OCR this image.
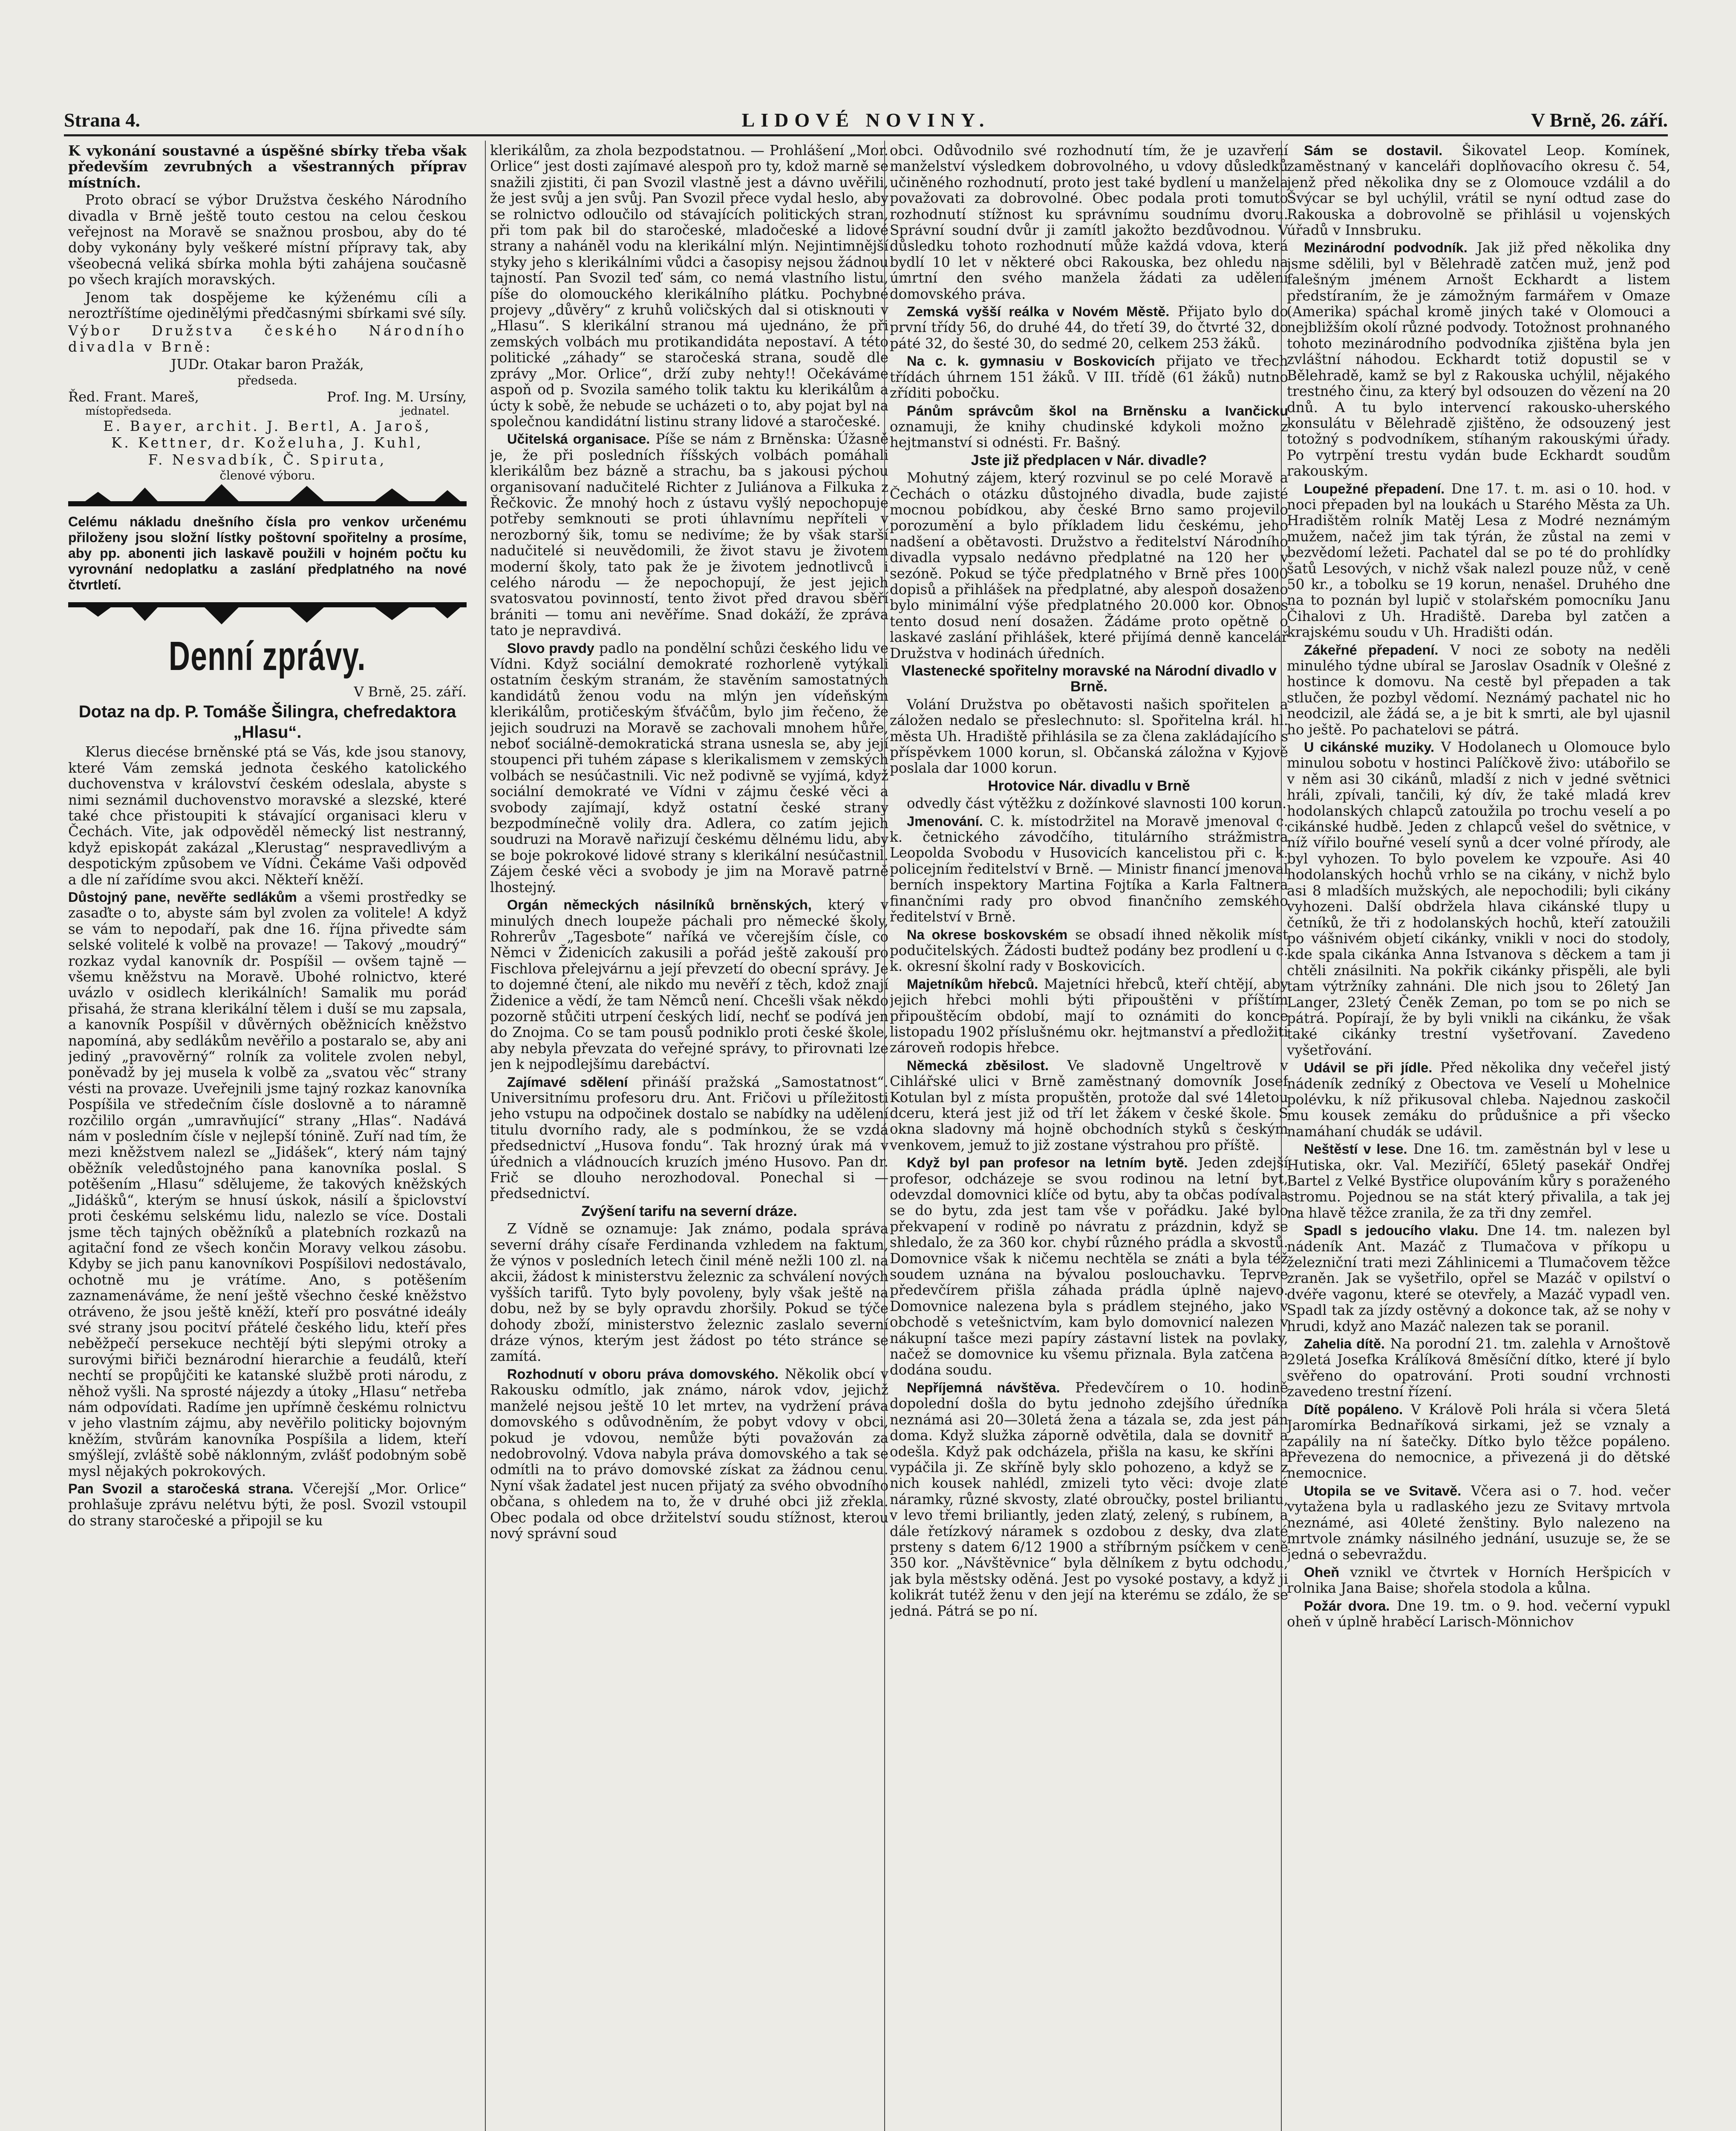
Strana 4.	LIDOVÉ NOVINY.	V Brně, 26. září.

K vykonání soustavné a úspěšné sbírky třeba však především zevrubných a všestranných příprav místních.

Proto obrací se výbor Družstva českého Národního divadla v Brně ještě touto cestou na celou českou veřejnost na Moravě se snažnou prosbou, aby do té doby vykonány byly veškeré místní přípravy tak, aby všeobecná veliká sbírka mohla býti zahájena současně po všech krajích moravských.

Jenom tak dospějeme ke kýženému cíli a neroztříštíme ojedinělými předčasnými sbírkami své síly.

Výbor Družstva českého Národního divadla v Brně:

JUDr. Otakar baron Pražák,

předseda.

Řed. Frant. Mareš,	Prof. Ing. M. Ursíny,
místopředseda.	jednatel.

E. Bayer, archit. J. Bertl, A. Jaroš,

K. Kettner, dr. Koželuha, J. Kuhl,

F. Nesvadbík, Č. Spiruta,

členové výboru.

Celému nákladu dnešního čísla pro venkov určenému přiloženy jsou složní lístky poštovní spořitelny a prosíme, aby pp. abonenti jich laskavě použili v hojném počtu ku vyrovnání nedoplatku a zaslání předplatného na nové čtvrtletí.

Denní zprávy.

V Brně, 25. září.

Dotaz na dp. P. Tomáše Šilingra, chefredaktora „Hlasu“.

Klerus diecése brněnské ptá se Vás, kde jsou stanovy, které Vám zemská jednota českého katolického duchovenstva v království českém odeslala, abyste s nimi seznámil duchovenstvo moravské a slezské, které také chce přistoupiti k stávající organisaci kleru v Čechách. Vite, jak odpověděl německý list nestranný, když episkopát zakázal „Klerustag“ nespravedlivým a despotickým způsobem ve Vídni. Čekáme Vaši odpověď a dle ní zařídíme svou akci. Někteří kněží.

Důstojný pane, nevěřte sedlákům a všemi prostředky se zasaďte o to, abyste sám byl zvolen za volitele! A když se vám to nepodaří, pak dne 16. října přivedte sám selské volitelé k volbě na provaze! — Takový „moudrý“ rozkaz vydal kanovník dr. Pospíšil — ovšem tajně — všemu kněžstvu na Moravě. Ubohé rolnictvo, které uvázlo v osidlech klerikálních! Samalik mu poráď přisahá, že strana klerikální tělem i duší se mu zapsala, a kanovník Pospíšil v důvěrných oběžnicích kněžstvo napomíná, aby sedlákům nevěřilo a postaralo se, aby ani jediný „pravověrný“ rolník za volitele zvolen nebyl, poněvadž by jej musela k volbě za „svatou věc“ strany vésti na provaze. Uveřejnili jsme tajný rozkaz kanovníka Pospíšila ve středečním čísle doslovně a to náramně rozčililo orgán „umravňující“ strany „Hlas“. Nadává nám v posledním čísle v nejlepší tónině. Zuří nad tím, že mezi kněžstvem nalezl se „Jidášek“, který nám tajný oběžník veledůstojného pana kanovníka poslal. S potěšením „Hlasu“ sdělujeme, že takových kněžských „Jidášků“, kterým se hnusí úskok, násilí a špiclovství proti českému selskému lidu, nalezlo se více. Dostali jsme těch tajných oběžníků a platebních rozkazů na agitační fond ze všech končin Moravy velkou zásobu. Kdyby se jich panu kanovníkovi Pospíšilovi nedostávalo, ochotně mu je vrátíme. Ano, s potěšením zaznamenáváme, že není ještě všechno české kněžstvo otráveno, že jsou ještě kněží, kteří pro posvátné ideály své strany jsou pocitví přátelé českého lidu, kteří přes neběžpečí persekuce nechtějí býti slepými otroky a surovými biřiči beznárodní hierarchie a feudálů, kteří nechtí se propůjčiti ke katanské službě proti národu, z něhož vyšli. Na sprosté nájezdy a útoky „Hlasu“ netřeba nám odpovídati. Radíme jen upřímně českému rolnictvu v jeho vlastním zájmu, aby nevěřilo politicky bojovným kněžím, stvůrám kanovníka Pospíšila a lidem, kteří smýšlejí, zvláště sobě náklonným, zvlášť podobným sobě mysl nějakých pokrokových.

Pan Svozil a staročeská strana. Včerejší „Mor. Orlice“ prohlašuje zprávu nelétvu býti, že posl. Svozil vstoupil do strany staročeské a připojil se ku

klerikálům, za zhola bezpodstatnou. — Prohlášení „Mor. Orlice“ jest dosti zajímavé alespoň pro ty, kdož marně se snažili zjistiti, či pan Svozil vlastně jest a dávno uvěřili, že jest svůj a jen svůj. Pan Svozil přece vydal heslo, aby se rolnictvo odloučilo od stávajících politických stran, při tom pak bil do staročeské, mladočeské a lidové strany a naháněl vodu na klerikální mlýn. Nejintimnější styky jeho s klerikálními vůdci a časopisy nejsou žádnou tajností. Pan Svozil teď sám, co nemá vlastního listu, píše do olomouckého klerikálního plátku. Pochybné projevy „důvěry“ z kruhů voličských dal si otisknouti v „Hlasu“. S klerikální stranou má ujednáno, že při zemských volbách mu protikandidáta nepostaví. A této politické „záhady“ se staročeská strana, soudě dle zprávy „Mor. Orlice“, drží zuby nehty!! Očekáváme aspoň od p. Svozila samého tolik taktu ku klerikálům a úcty k sobě, že nebude se ucházeti o to, aby pojat byl na společnou kandidátní listinu strany lidové a staročeské.

Učitelská organisace. Píše se nám z Brněnska: Úžasně je, že při posledních říšských volbách pomáhali klerikálům bez bázně a strachu, ba s jakousi pýchou organisovaní nadučitelé Richter z Juliánova a Filkuka z Řečkovic. Že mnohý hoch z ústavu vyšlý nepochopuje potřeby semknouti se proti úhlavnímu nepříteli v nerozborný šik, tomu se nedivíme; že by však starší nadučitelé si neuvědomili, že život stavu je životem moderní školy, tato pak že je životem jednotlivců i celého národu — že nepochopují, že jest jejich svatosvatou povinností, tento život před dravou sběří brániti — tomu ani nevěříme. Snad dokáží, že zpráva tato je nepravdivá.

Slovo pravdy padlo na pondělní schůzi českého lidu ve Vídni. Když sociální demokraté rozhorleně vytýkali ostatním českým stranám, že stavěním samostatných kandidátů ženou vodu na mlýn jen vídeňským klerikálům, protičeským šťváčům, bylo jim řečeno, že jejich soudruzi na Moravě se zachovali mnohem hůře, neboť sociálně-demokratická strana usnesla se, aby její stoupenci při tuhém zápase s klerikalismem v zemských volbách se nesúčastnili. Vic než podivně se vyjímá, když sociální demokraté ve Vídni v zájmu české věci a svobody zajímají, když ostatní české strany bezpodmínečně volily dra. Adlera, co zatím jejich soudruzi na Moravě nařizují českému dělnému lidu, aby se boje pokrokové lidové strany s klerikální nesúčastnil. Zájem české věci a svobody je jim na Moravě patrně lhostejný.

Orgán německých násilníků brněnských, který v minulých dnech loupeže páchali pro německé školy, Rohrerův „Tagesbote“ naříká ve včerejším čísle, co Němci v Židenicích zakusili a pořád ještě zakouší pro Fischlova přelejvárnu a její převzetí do obecní správy. Je to dojemné čtení, ale nikdo mu nevěří z těch, kdož znají Židenice a vědí, že tam Němců není. Chcešli však někdo pozorně stůčiti utrpení českých lidí, nechť se podívá jen do Znojma. Co se tam pousů podniklo proti české škole, aby nebyla převzata do veřejné správy, to přirovnati lze jen k nejpodlejšímu darebáctví.

Zajímavé sdělení přináší pražská „Samostatnost“. Universitnímu profesoru dru. Ant. Fričovi u příležitosti jeho vstupu na odpočinek dostalo se nabídky na udělení titulu dvorního rady, ale s podmínkou, že se vzdá předsednictví „Husova fondu“. Tak hrozný úrak má v úřednich a vládnoucích kruzích jméno Husovo. Pan dr. Frič se dlouho nerozhodoval. Ponechal si — předsednictví.

Zvýšení tarifu na severní dráze.

Z Vídně se oznamuje: Jak známo, podala správa severní dráhy císaře Ferdinanda vzhledem na faktum, že výnos v posledních letech činil méně nežli 100 zl. na akcii, žádost k ministerstvu železnic za schválení nových vyšších tarifů. Tyto byly povoleny, byly však ještě na dobu, než by se byly opravdu zhoršily. Pokud se týče dohody zboží, ministerstvo železnic zaslalo severní dráze výnos, kterým jest žádost po této stránce se zamítá.

Rozhodnutí v oboru práva domovského. Několik obcí v Rakousku odmítlo, jak známo, nárok vdov, jejichž manželé nejsou ještě 10 let mrtev, na vydržení práva domovského s odůvodněním, že pobyt vdovy v obci, pokud je vdovou, nemůže býti považován za nedobrovolný. Vdova nabyla práva domovského a tak se odmítli na to právo domovské získat za žádnou cenu. Nyní však žadatel jest nucen přijatý za svého obvodního občana, s ohledem na to, že v druhé obci již zřekla. Obec podala od obce držitelství soudu stížnost, kterou nový správní soud

obci. Odůvodnilo své rozhodnutí tím, že je uzavření manželství výsledkem dobrovolného, u vdovy důsledků učiněného rozhodnutí, proto jest také bydlení u manžela považovati za dobrovolné. Obec podala proti tomuto rozhodnutí stížnost ku správnímu soudnímu dvoru. Správní soudní dvůr ji zamítl jakožto bezdůvodnou. V důsledku tohoto rozhodnutí může každá vdova, která bydlí 10 let v některé obci Rakouska, bez ohledu na úmrtní den svého manžela žádati za udělení domovského práva.

Zemská vyšší reálka v Novém Městě. Přijato bylo do první třídy 56, do druhé 44, do třetí 39, do čtvrté 32, do páté 32, do šesté 30, do sedmé 20, celkem 253 žáků.

Na c. k. gymnasiu v Boskovicích přijato ve třech třídách úhrnem 151 žáků. V III. třídě (61 žáků) nutno zříditi pobočku.

Pánům správcům škol na Brněnsku a Ivančicku oznamuji, že knihy chudinské kdykoli možno z hejtmanství si odnésti. Fr. Bašný.

Jste již předplacen v Nár. divadle?

Mohutný zájem, který rozvinul se po celé Moravě a Čechách o otázku důstojného divadla, bude zajisté mocnou pobídkou, aby české Brno samo projevilo porozumění a bylo příkladem lidu českému, jeho nadšení a obětavosti. Družstvo a ředitelství Národního divadla vypsalo nedávno předplatné na 120 her v sezóně. Pokud se týče předplatného v Brně přes 1000 dopisů a přihlášek na předplatné, aby alespoň dosaženo bylo minimální výše předplatného 20.000 kor. Obnos tento dosud není dosažen. Žádáme proto opětně o laskavé zaslání přihlášek, které přijímá denně kancelář Družstva v hodinách úředních.

Vlastenecké spořitelny moravské na Národní divadlo v Brně.

Volání Družstva po obětavosti našich spořitelen a záložen nedalo se přeslechnuto: sl. Spořitelna král. hl. města Uh. Hradiště přihlásila se za člena zakládajícího s příspěvkem 1000 korun, sl. Občanská záložna v Kyjově poslala dar 1000 korun.

Hrotovice Nár. divadlu v Brně

odvedly část výtěžku z dožínkové slavnosti 100 korun.

Jmenování. C. k. místodržitel na Moravě jmenoval c. k. četnického závodčího, titulárního strážmistra Leopolda Svobodu v Husovicích kancelistou při c. k. policejním ředitelství v Brně. — Ministr financí jmenoval berních inspektory Martina Fojtíka a Karla Faltnera finančními rady pro obvod finančního zemského ředitelství v Brně.

Na okrese boskovském se obsadí ihned několik míst podučitelských. Žádosti budtež podány bez prodlení u c. k. okresní školní rady v Boskovicích.

Majetníkům hřebců. Majetníci hřebců, kteří chtějí, aby jejich hřebci mohli býti připouštěni v příštím připouštěcím období, mají to oznámiti do konce listopadu 1902 příslušnému okr. hejtmanství a předložiti zároveň rodopis hřebce.

Německá zběsilost. Ve sladovně Ungeltrově v Cihlářské ulici v Brně zaměstnaný domovník Josef Kotulan byl z místa propuštěn, protože dal své 14letou dceru, která jest již od tří let žákem v české škole. S okna sladovny má hojně obchodních styků s českým venkovem, jemuž to již zostane výstrahou pro příště.

Když byl pan profesor na letním bytě. Jeden zdejší profesor, odcházeje se svou rodinou na letní byt, odevzdal domovnici klíče od bytu, aby ta občas podívala se do bytu, zda jest tam vše v pořádku. Jaké bylo překvapení v rodině po návratu z prázdnin, když se shledalo, že za 360 kor. chybí různého prádla a skvostů. Domovnice však k ničemu nechtěla se znáti a byla též soudem uznána na bývalou poslouchavku. Teprve předevčírem přišla záhada prádla úplně najevo. Domovnice nalezena byla s prádlem stejného, jako v obchodě s vetešnictvím, kam bylo domovnicí nalezen v nákupní tašce mezi papíry zástavní listek na povlaky, načež se domovnice ku všemu přiznala. Byla zatčena a dodána soudu.

Nepříjemná návštěva. Předevčírem o 10. hodině dopolední došla do bytu jednoho zdejšího úředníka neznámá asi 20—30letá žena a tázala se, zda jest pán doma. Když služka záporně odvětila, dala se dovnitř a odešla. Když pak odcházela, přišla na kasu, ke skříni a vypáčila ji. Ze skříně byly sklo pohozeno, a když se z nich kousek nahlédl, zmizeli tyto věci: dvoje zlaté náramky, různé skvosty, zlaté obroučky, postel briliantu, v levo třemi briliantly, jeden zlatý, zelený, s rubínem, a dále řetízkový náramek s ozdobou z desky, dva zlaté prsteny s datem 6/12 1900 a stříbrným psíčkem v ceně 350 kor. „Návštěvnice“ byla dělníkem z bytu odchodu, jak byla městsky oděná. Jest po vysoké postavy, a když ji kolikrát tutéž ženu v den její na kterému se zdálo, že se jedná. Pátrá se po ní.

Sám se dostavil. Šikovatel Leop. Komínek, zaměstnaný v kanceláři doplňovacího okresu č. 54, jenž před několika dny se z Olomouce vzdálil a do Švýcar se byl uchýlil, vrátil se nyní odtud zase do Rakouska a dobrovolně se přihlásil u vojenských úřadů v Innsbruku.

Mezinárodní podvodník. Jak již před několika dny jsme sdělili, byl v Bělehradě zatčen muž, jenž pod falešným jménem Arnošt Eckhardt a listem předstíraním, že je zámožným farmářem v Omaze (Amerika) spáchal kromě jiných také v Olomouci a nejbližším okolí různé podvody. Totožnost prohnaného tohoto mezinárodního podvodníka zjištěna byla jen zvláštní náhodou. Eckhardt totiž dopustil se v Bělehradě, kamž se byl z Rakouska uchýlil, nějakého trestného činu, za který byl odsouzen do vězení na 20 dnů. A tu bylo intervencí rakousko-uherského konsulátu v Bělehradě zjištěno, že odsouzený jest totožný s podvodníkem, stíhaným rakouskými úřady. Po vytrpění trestu vydán bude Eckhardt soudům rakouským.

Loupežné přepadení. Dne 17. t. m. asi o 10. hod. v noci přepaden byl na loukách u Starého Města za Uh. Hradištěm rolník Matěj Lesa z Modré neznámým mužem, načež jim tak týrán, že zůstal na zemi v bezvědomí ležeti. Pachatel dal se po té do prohlídky šatů Lesových, v nichž však nalezl pouze nůž, v ceně 50 kr., a tobolku se 19 korun, nenašel. Druhého dne na to poznán byl lupič v stolařském pomocníku Janu Čihalovi z Uh. Hradiště. Dareba byl zatčen a krajskému soudu v Uh. Hradišti odán.

Zákeřné přepadení. V noci ze soboty na neděli minulého týdne ubíral se Jaroslav Osadník v Olešné z hostince k domovu. Na cestě byl přepaden a tak stlučen, že pozbyl vědomí. Neznámý pachatel nic ho neodcizil, ale žádá se, a je bit k smrti, ale byl ujasnil ho ještě. Po pachatelovi se pátrá.

U cikánské muziky. V Hodolanech u Olomouce bylo minulou sobotu v hostinci Palíčkově živo: utábořilo se v něm asi 30 cikánů, mladší z nich v jedné světnici hráli, zpívali, tančili, ký dív, že také mladá krev hodolanských chlapců zatoužila po trochu veselí a po cikánské hudbě. Jeden z chlapců vešel do světnice, v níž vířilo bouřné veselí synů a dcer volné přírody, ale byl vyhozen. To bylo povelem ke vzpouře. Asi 40 hodolanských hochů vrhlo se na cikány, v nichž bylo asi 8 mladších mužských, ale nepochodili; byli cikány vyhozeni. Další obdržela hlava cikánské tlupy u četníků, že tři z hodolanských hochů, kteří zatoužili po vášnivém objetí cikánky, vnikli v noci do stodoly, kde spala cikánka Anna Istvanova s děckem a tam ji chtěli znásilniti. Na pokřik cikánky přispěli, ale byli tam výtržníky zahnáni. Dle nich jsou to 26letý Jan Langer, 23letý Čeněk Zeman, po tom se po nich se pátrá. Popírají, že by byli vnikli na cikánku, že však také cikánky trestní vyšetřovaní. Zavedeno vyšetřování.

Udávil se při jídle. Před několika dny večeřel jistý nádeník zedníký z Obectova ve Veselí u Mohelnice polévku, k níž přikusoval chleba. Najednou zaskočil mu kousek zemáku do průdušnice a při všecko namáhaní chudák se udávil.

Neštěstí v lese. Dne 16. tm. zaměstnán byl v lese u Hutiska, okr. Val. Meziříčí, 65letý pasekář Ondřej Bartel z Velké Bystřice olupováním kůry s poraženého stromu. Pojednou se na stát který přivalila, a tak jej na hlavě těžce zranila, že za tři dny zemřel.

Spadl s jedoucího vlaku. Dne 14. tm. nalezen byl nádeník Ant. Mazáč z Tlumačova v příkopu u železniční trati mezi Záhlinicemi a Tlumačovem těžce zraněn. Jak se vyšetřilo, opřel se Mazáč v opilství o dvéře vagonu, které se otevřely, a Mazáč vypadl ven. Spadl tak za jízdy ostěvný a dokonce tak, až se nohy v hrudi, když ano Mazáč nalezen tak se poranil.

Zahelia dítě. Na porodní 21. tm. zalehla v Arnoštově 29letá Josefka Králíková 8měsíční dítko, které jí bylo svěřeno do opatrování. Proti soudní vrchnosti zavedeno trestní řízení.

Dítě popáleno. V Králově Poli hrála si včera 5letá Jaromírka Bednaříková sirkami, jež se vznaly a zapálily na ní šatečky. Dítko bylo těžce popáleno. Převezena do nemocnice, a přivezená ji do dětské nemocnice.

Utopila se ve Svitavě. Včera asi o 7. hod. večer vytažena byla u radlaského jezu ze Svitavy mrtvola neznámé, asi 40leté ženštiny. Bylo nalezeno na mrtvole známky násilného jednání, usuzuje se, že se jedná o sebevraždu.

Oheň vznikl ve čtvrtek v Horních Heršpicích v rolnika Jana Baise; shořela stodola a kůlna.

Požár dvora. Dne 19. tm. o 9. hod. večerní vypukl oheň v úplně hraběcí Larisch-Mönnichov
